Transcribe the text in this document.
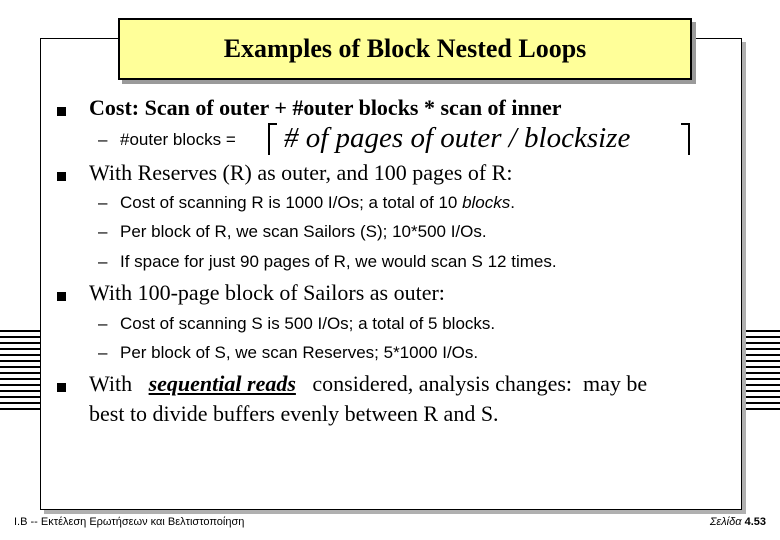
Examples of Block Nested Loops
Cost: Scan of outer + #outer blocks * scan of inner
– #outer blocks = # of pages of outer / blocksize
With Reserves (R) as outer, and 100 pages of R:
– Cost of scanning R is 1000 I/Os; a total of 10 blocks.
– Per block of R, we scan Sailors (S); 10*500 I/Os.
– If space for just 90 pages of R, we would scan S 12 times.
With 100-page block of Sailors as outer:
– Cost of scanning S is 500 I/Os; a total of 5 blocks.
– Per block of S, we scan Reserves; 5*1000 I/Os.
With   sequential reads   considered, analysis changes:  may be
best to divide buffers evenly between R and S.
Ι.Β -- Εκτέλεση Ερωτήσεων και Βελτιστοποίηση	Σελίδα 4.53
